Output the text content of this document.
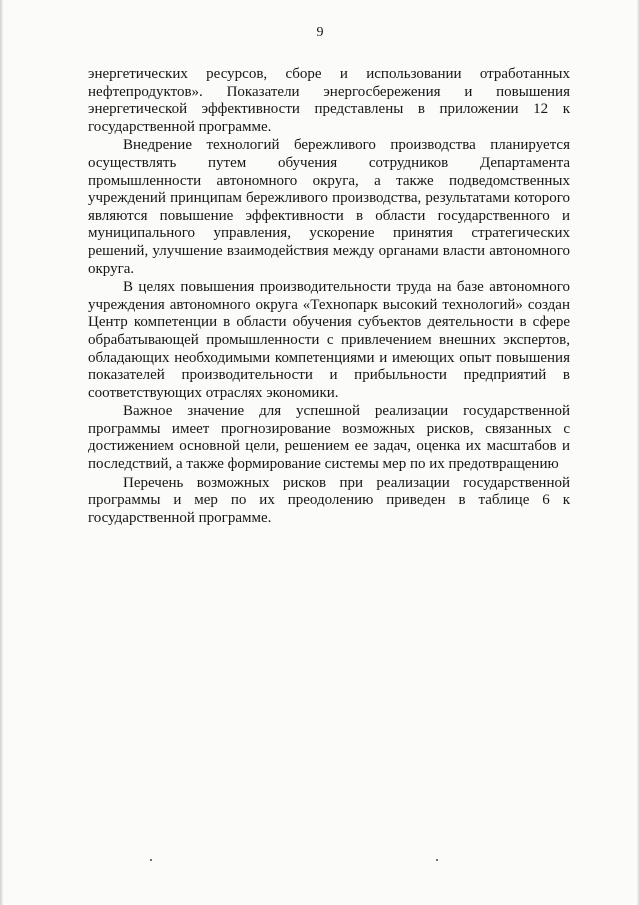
9

энергетических ресурсов, сборе и использовании отработанных нефтепродуктов». Показатели энергосбережения и повышения энергетической эффективности представлены в приложении 12 к государственной программе.

Внедрение технологий бережливого производства планируется осуществлять путем обучения сотрудников Департамента промышленности автономного округа, а также подведомственных учреждений принципам бережливого производства, результатами которого являются повышение эффективности в области государственного и муниципального управления, ускорение принятия стратегических решений, улучшение взаимодействия между органами власти автономного округа.

В целях повышения производительности труда на базе автономного учреждения автономного округа «Технопарк высокий технологий» создан Центр компетенции в области обучения субъектов деятельности в сфере обрабатывающей промышленности с привлечением внешних экспертов, обладающих необходимыми компетенциями и имеющих опыт повышения показателей производительности и прибыльности предприятий в соответствующих отраслях экономики.

Важное значение для успешной реализации государственной программы имеет прогнозирование возможных рисков, связанных с достижением основной цели, решением ее задач, оценка их масштабов и последствий, а также формирование системы мер по их предотвращению

Перечень возможных рисков при реализации государственной программы и мер по их преодолению приведен в таблице 6 к государственной программе.
